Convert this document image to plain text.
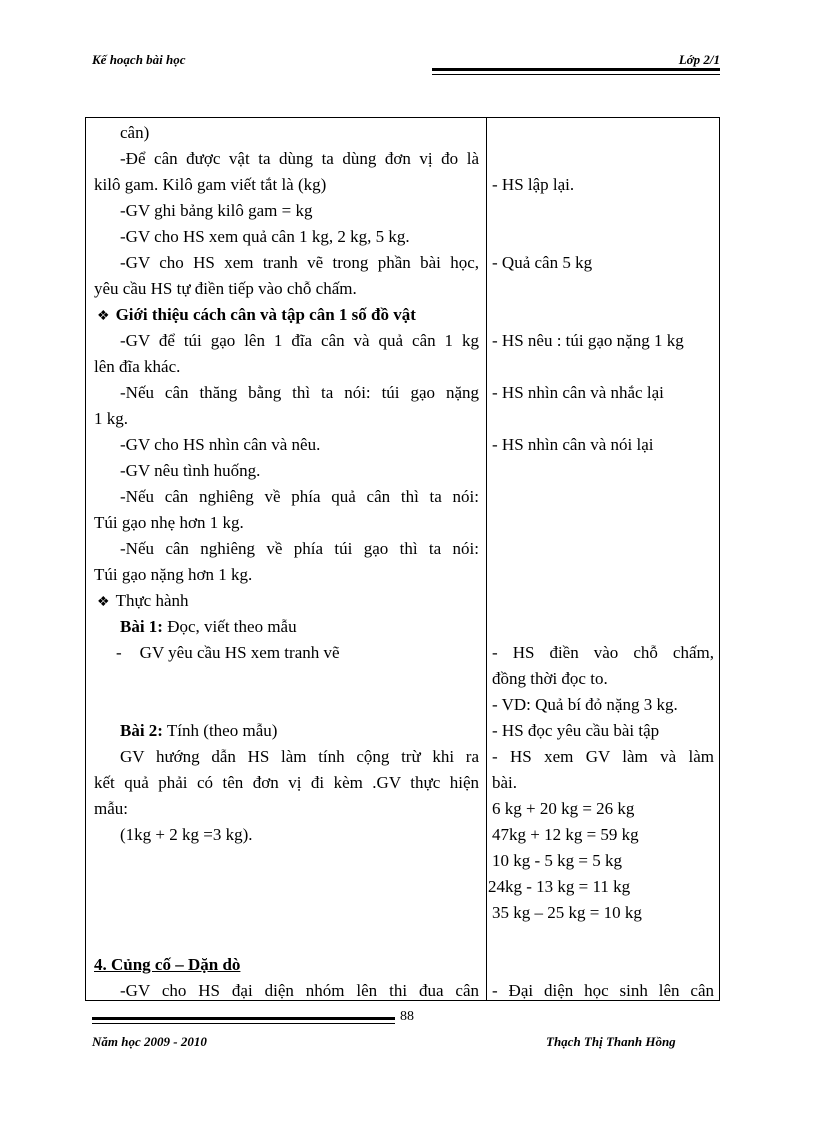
Kế hoạch bài học	Lớp 2/1
cân)
-Để cân được vật ta dùng ta dùng đơn vị đo là
kilô gam. Kilô gam viết tắt là (kg)
-GV ghi bảng kilô gam = kg
-GV cho HS xem quả cân 1 kg, 2 kg, 5 kg.
-GV cho HS xem tranh vẽ trong phần bài học,
yêu cầu HS tự điền tiếp vào chỗ chấm.
❖ Giới thiệu cách cân và tập cân 1 số đồ vật
-GV để túi gạo lên 1 đĩa cân và quả cân 1 kg
lên đĩa khác.
-Nếu cân thăng bằng thì ta nói: túi gạo nặng
1 kg.
-GV cho HS nhìn cân và nêu.
-GV nêu tình huống.
-Nếu cân nghiêng về phía quả cân thì ta nói:
Túi gạo nhẹ hơn 1 kg.
-Nếu cân nghiêng về phía túi gạo thì ta nói:
Túi gạo nặng hơn 1 kg.
❖ Thực hành
Bài 1: Đọc, viết theo mẫu
- GV yêu cầu HS xem tranh vẽ
Bài 2: Tính (theo mẫu)
GV hướng dẫn HS làm tính cộng trừ khi ra
kết quả phải có tên đơn vị đi kèm .GV thực hiện
mẫu:
(1kg + 2 kg =3 kg).
4. Củng cố – Dặn dò
-GV cho HS đại diện nhóm lên thi đua cân
- HS lập lại.
- Quả cân 5 kg
- HS nêu : túi gạo nặng 1 kg
- HS nhìn cân và nhắc lại
- HS nhìn cân và nói lại
- HS điền vào chỗ chấm,
đồng thời đọc to.
- VD: Quả bí đỏ nặng 3 kg.
- HS đọc yêu cầu bài tập
- HS xem GV làm và làm
bài.
6 kg + 20 kg = 26 kg
47kg + 12 kg = 59 kg
10 kg - 5 kg = 5 kg
24kg - 13 kg = 11 kg
35 kg – 25 kg = 10 kg
- Đại diện học sinh lên cân
88
Năm học 2009 - 2010	Thạch Thị Thanh Hồng
